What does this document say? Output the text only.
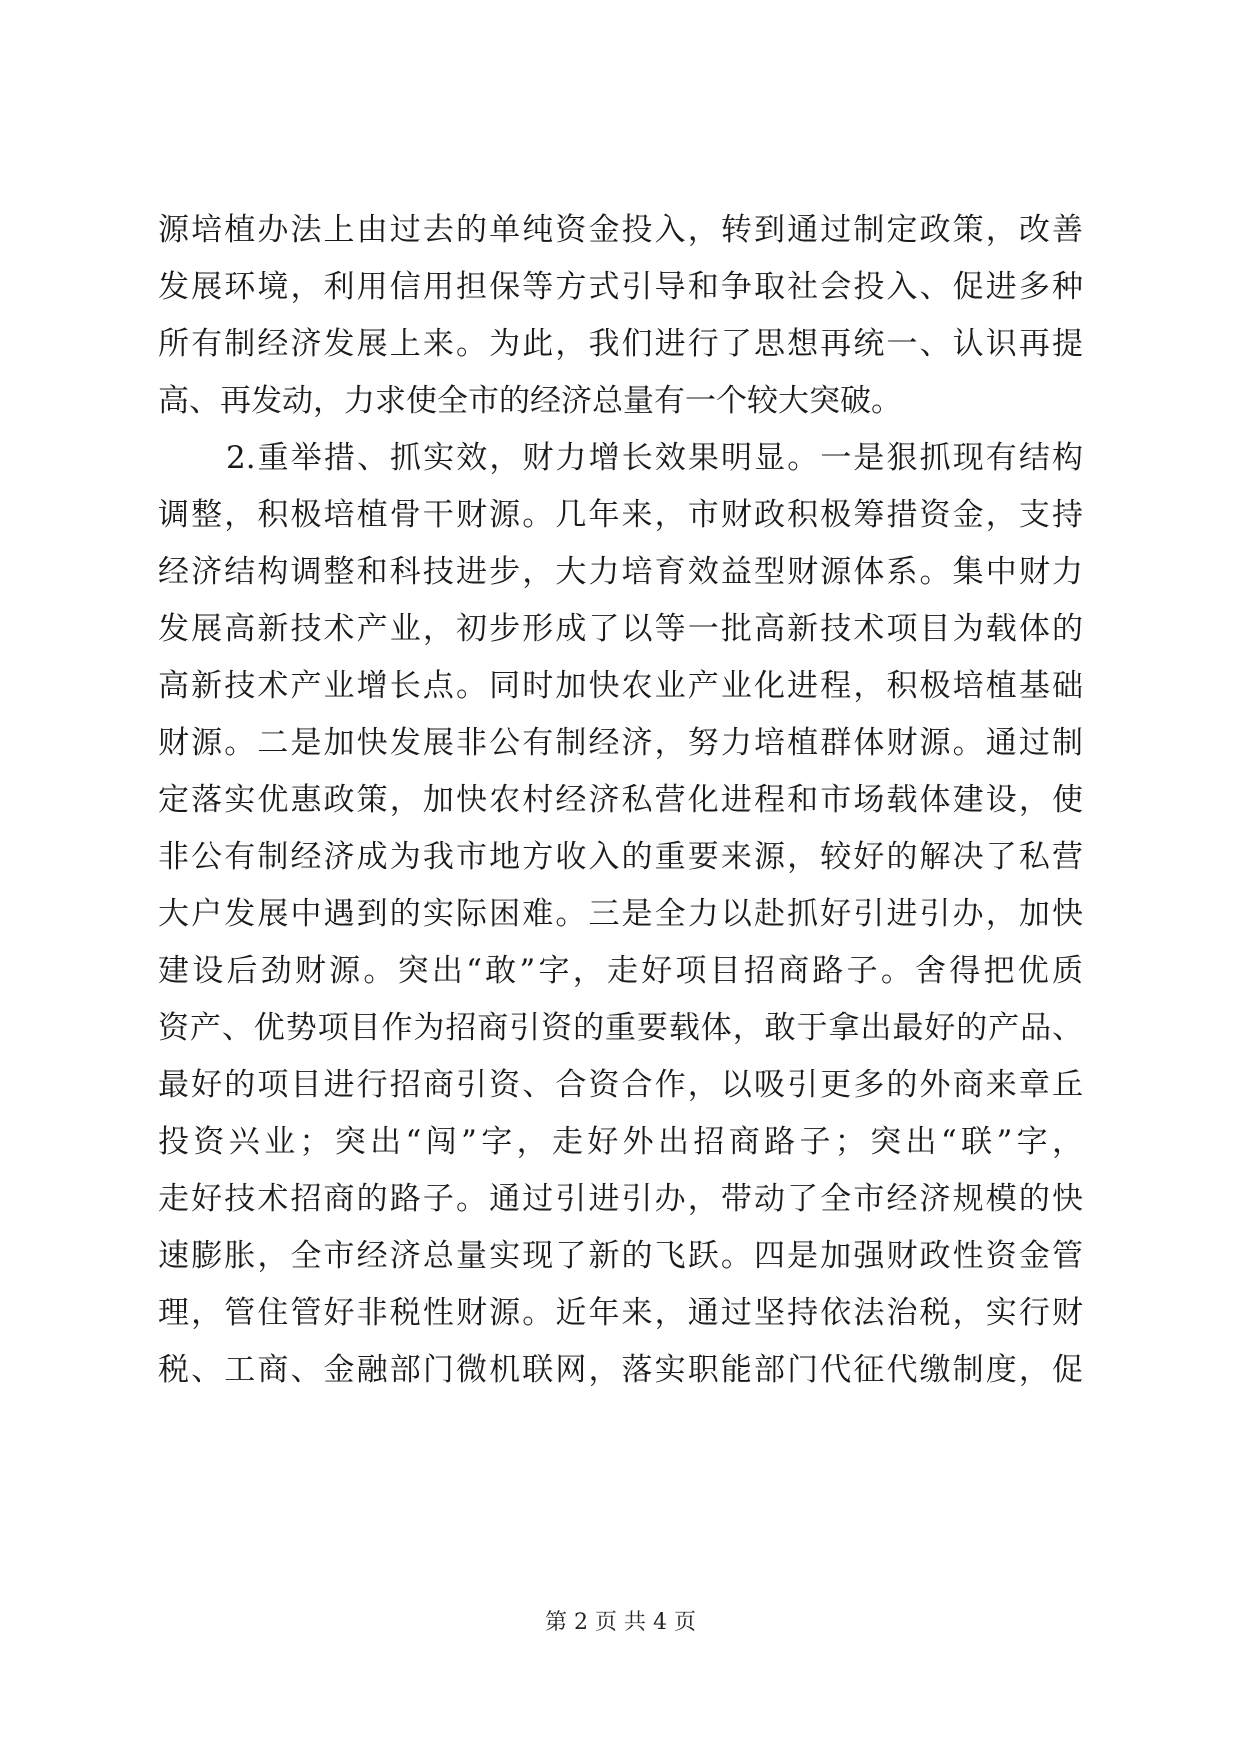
源培植办法上由过去的单纯资金投入，转到通过制定政策，改善
发展环境，利用信用担保等方式引导和争取社会投入、促进多种
所有制经济发展上来。为此，我们进行了思想再统一、认识再提
高、再发动，力求使全市的经济总量有一个较大突破。
2.重举措、抓实效，财力增长效果明显。一是狠抓现有结构
调整，积极培植骨干财源。几年来，市财政积极筹措资金，支持
经济结构调整和科技进步，大力培育效益型财源体系。集中财力
发展高新技术产业，初步形成了以等一批高新技术项目为载体的
高新技术产业增长点。同时加快农业产业化进程，积极培植基础
财源。二是加快发展非公有制经济，努力培植群体财源。通过制
定落实优惠政策，加快农村经济私营化进程和市场载体建设，使
非公有制经济成为我市地方收入的重要来源，较好的解决了私营
大户发展中遇到的实际困难。三是全力以赴抓好引进引办，加快
建设后劲财源。突出“敢”字，走好项目招商路子。舍得把优质
资产、优势项目作为招商引资的重要载体，敢于拿出最好的产品、
最好的项目进行招商引资、合资合作，以吸引更多的外商来章丘
投资兴业；突出“闯”字，走好外出招商路子；突出“联”字，
走好技术招商的路子。通过引进引办，带动了全市经济规模的快
速膨胀，全市经济总量实现了新的飞跃。四是加强财政性资金管
理，管住管好非税性财源。近年来，通过坚持依法治税，实行财
税、工商、金融部门微机联网，落实职能部门代征代缴制度，促
第 2 页 共 4 页
